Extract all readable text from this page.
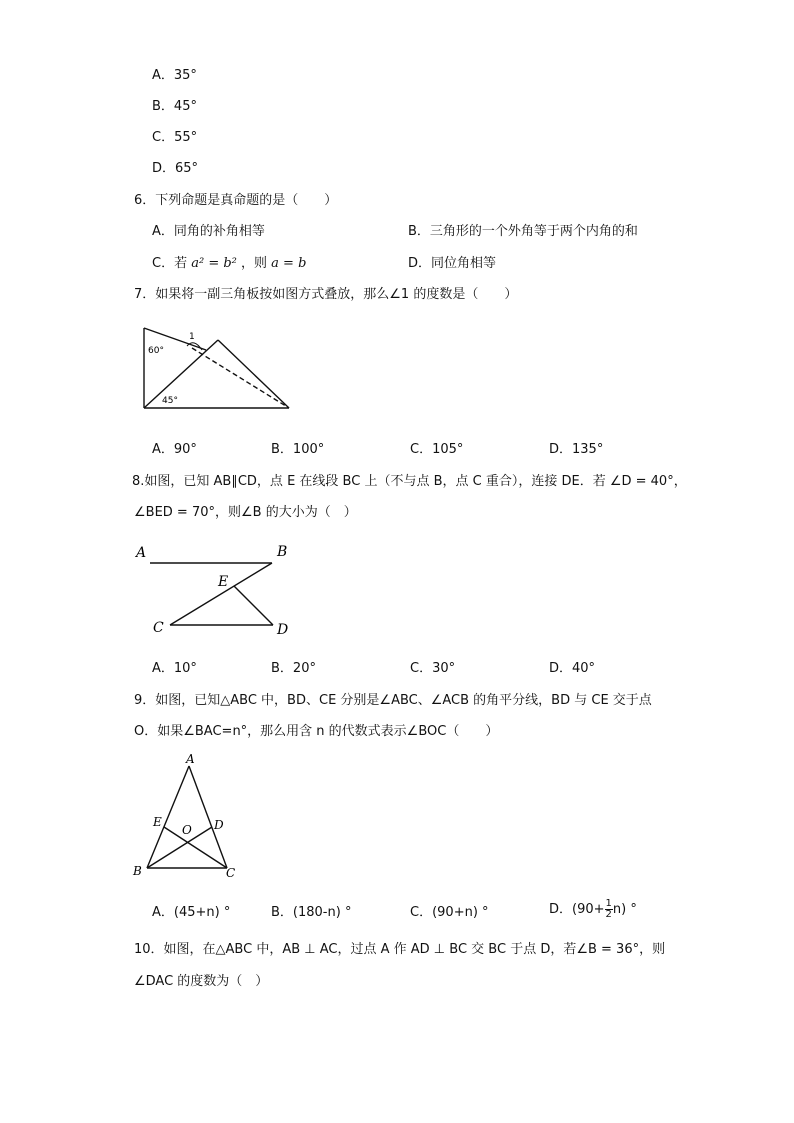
A．35°
B．45°
C．55°
D．65°
6．下列命题是真命题的是（　　）
A．同角的补角相等	B．三角形的一个外角等于两个内角的和
C．若 a² = b² ，则 a = b	D．同位角相等
7．如果将一副三角板按如图方式叠放，那么∠1 的度数是（　　）
1
60°
45°
A．90°	B．100°	C．105°	D．135°
8.如图，已知 AB∥CD，点 E 在线段 BC 上（不与点 B，点 C 重合），连接 DE．若 ∠D = 40°，
∠BED = 70°，则∠B 的大小为（　）
A	B
E
C	D
A．10°	B．20°	C．30°	D．40°
9．如图，已知△ABC 中，BD、CE 分别是∠ABC、∠ACB 的角平分线，BD 与 CE 交于点
O．如果∠BAC=n°，那么用含 n 的代数式表示∠BOC（　　）
A
E	D
O
B	C
A．(45+n) °	B．(180-n) °	C．(90+n) °	D．$(90+ \frac{1}{2} n)$ °
10．如图，在△ABC 中，AB ⊥ AC，过点 A 作 AD ⊥ BC 交 BC 于点 D，若∠B = 36°，则
∠DAC 的度数为（　）
